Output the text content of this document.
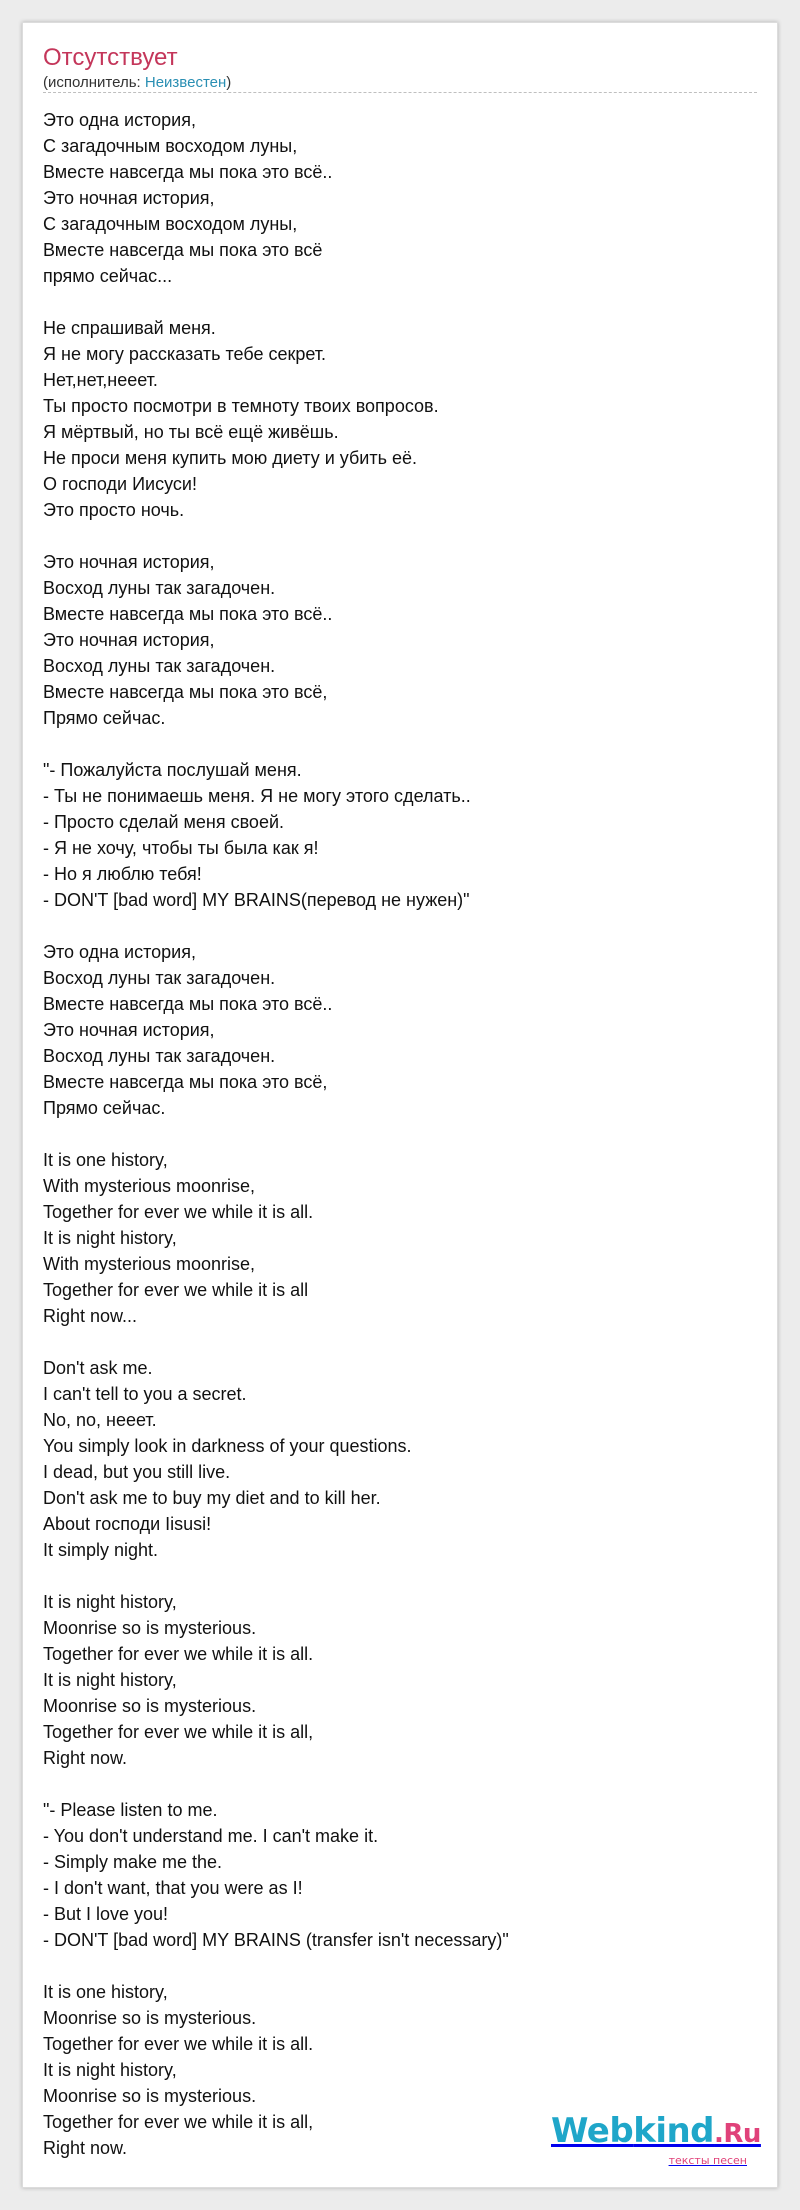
Отсутствует
(исполнитель: Неизвестен)
Это одна история,
С загадочным восходом луны,
Вместе навсегда мы пока это всё..
Это ночная история,
С загадочным восходом луны,
Вместе навсегда мы пока это всё
прямо сейчас...

Не спрашивай меня.
Я не могу рассказать тебе секрет.
Нет,нет,нееет.
Ты просто посмотри в темноту твоих вопросов.
Я мёртвый, но ты всё ещё живёшь.
Не проси меня купить мою диету и убить её.
О господи Иисуси!
Это просто ночь.

Это ночная история,
Восход луны так загадочен.
Вместе навсегда мы пока это всё..
Это ночная история,
Восход луны так загадочен.
Вместе навсегда мы пока это всё,
Прямо сейчас.

"- Пожалуйста послушай меня.
- Ты не понимаешь меня. Я не могу этого сделать..
- Просто сделай меня своей.
- Я не хочу, чтобы ты была как я!
- Но я люблю тебя!
- DON'T [bad word] MY BRAINS(перевод не нужен)"

Это одна история,
Восход луны так загадочен.
Вместе навсегда мы пока это всё..
Это ночная история,
Восход луны так загадочен.
Вместе навсегда мы пока это всё,
Прямо сейчас.

It is one history,
With mysterious moonrise,
Together for ever we while it is all.
It is night history,
With mysterious moonrise,
Together for ever we while it is all
Right now...

Don't ask me.
I can't tell to you a secret.
No, no, нееет.
You simply look in darkness of your questions.
I dead, but you still live.
Don't ask me to buy my diet and to kill her.
About господи Iisusi!
It simply night.

It is night history,
Moonrise so is mysterious.
Together for ever we while it is all.
It is night history,
Moonrise so is mysterious.
Together for ever we while it is all,
Right now.

"- Please listen to me.
- You don't understand me. I can't make it.
- Simply make me the.
- I don't want, that you were as I!
- But I love you!
- DON'T [bad word] MY BRAINS (transfer isn't necessary)"

It is one history,
Moonrise so is mysterious.
Together for ever we while it is all.
It is night history,
Moonrise so is mysterious.
Together for ever we while it is all,
Right now.	Webkind.Ru
тексты песен
